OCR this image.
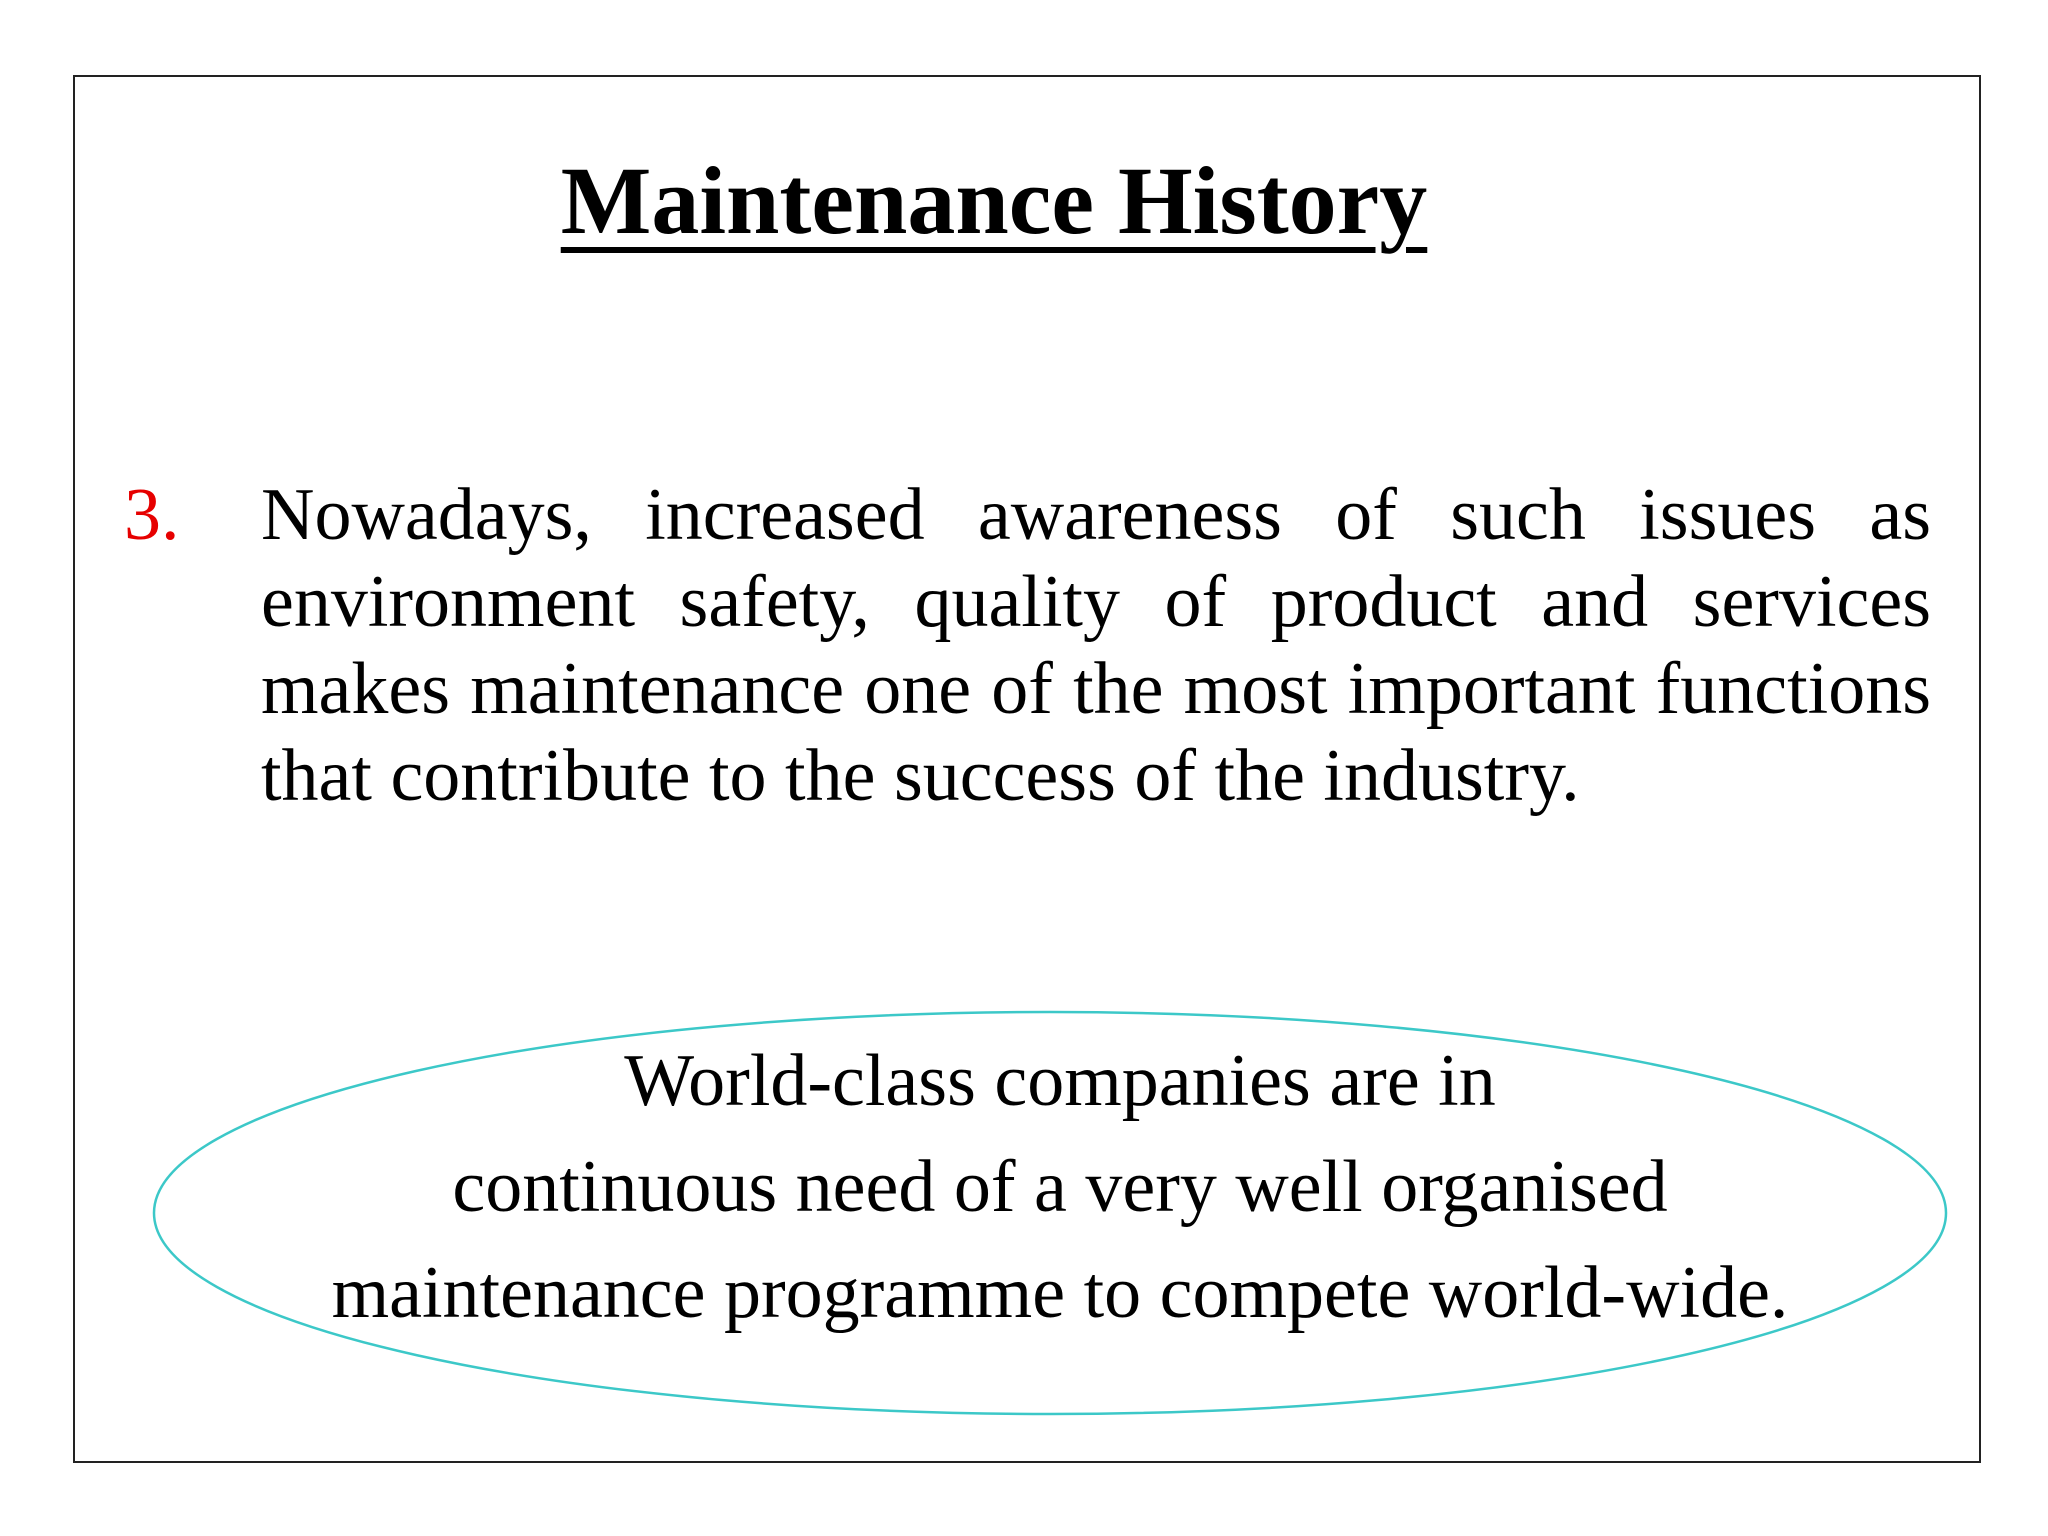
Maintenance History
3. Nowadays, increased awareness of such issues as environment safety, quality of product and services makes maintenance one of the most important functions that contribute to the success of the industry.

World-class companies are in
continuous need of a very well organised
maintenance programme to compete world-wide.
